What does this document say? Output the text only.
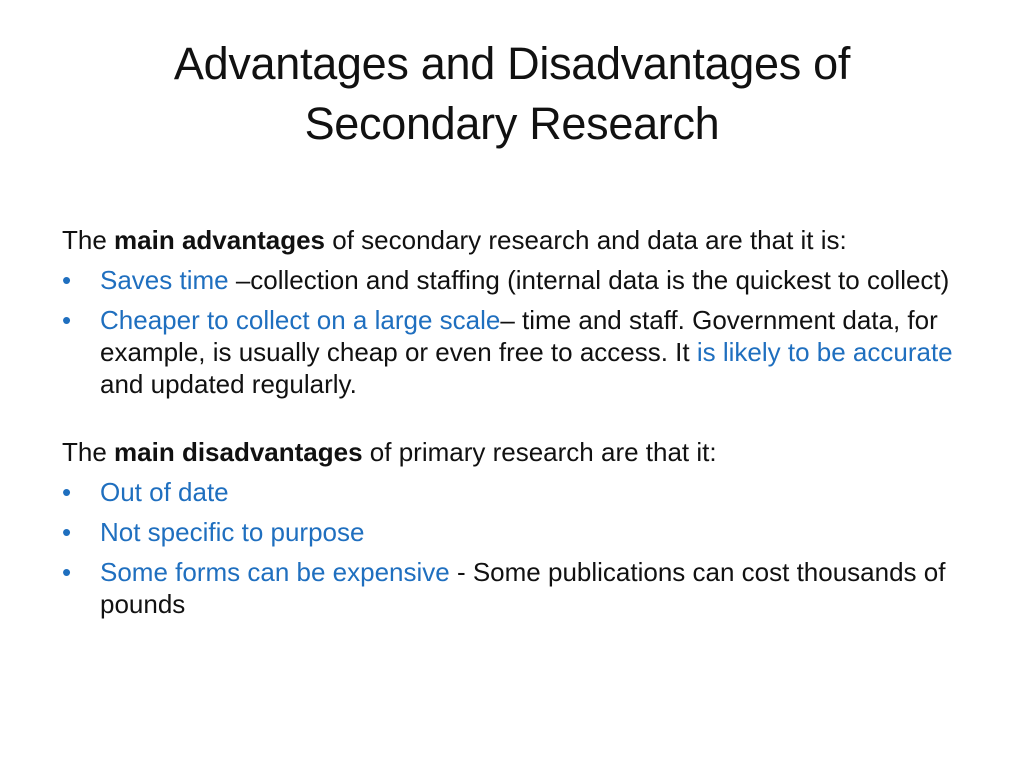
Advantages and Disadvantages of
Secondary Research

The main advantages of secondary research and data are that it is:

•	Saves time –collection and staffing (internal data is the quickest to collect)

•	Cheaper to collect on a large scale– time and staff. Government data, for example, is usually cheap or even free to access. It is likely to be accurate and updated regularly.

The main disadvantages of primary research are that it:

•	Out of date

•	Not specific to purpose

•	Some forms can be expensive - Some publications can cost thousands of pounds
